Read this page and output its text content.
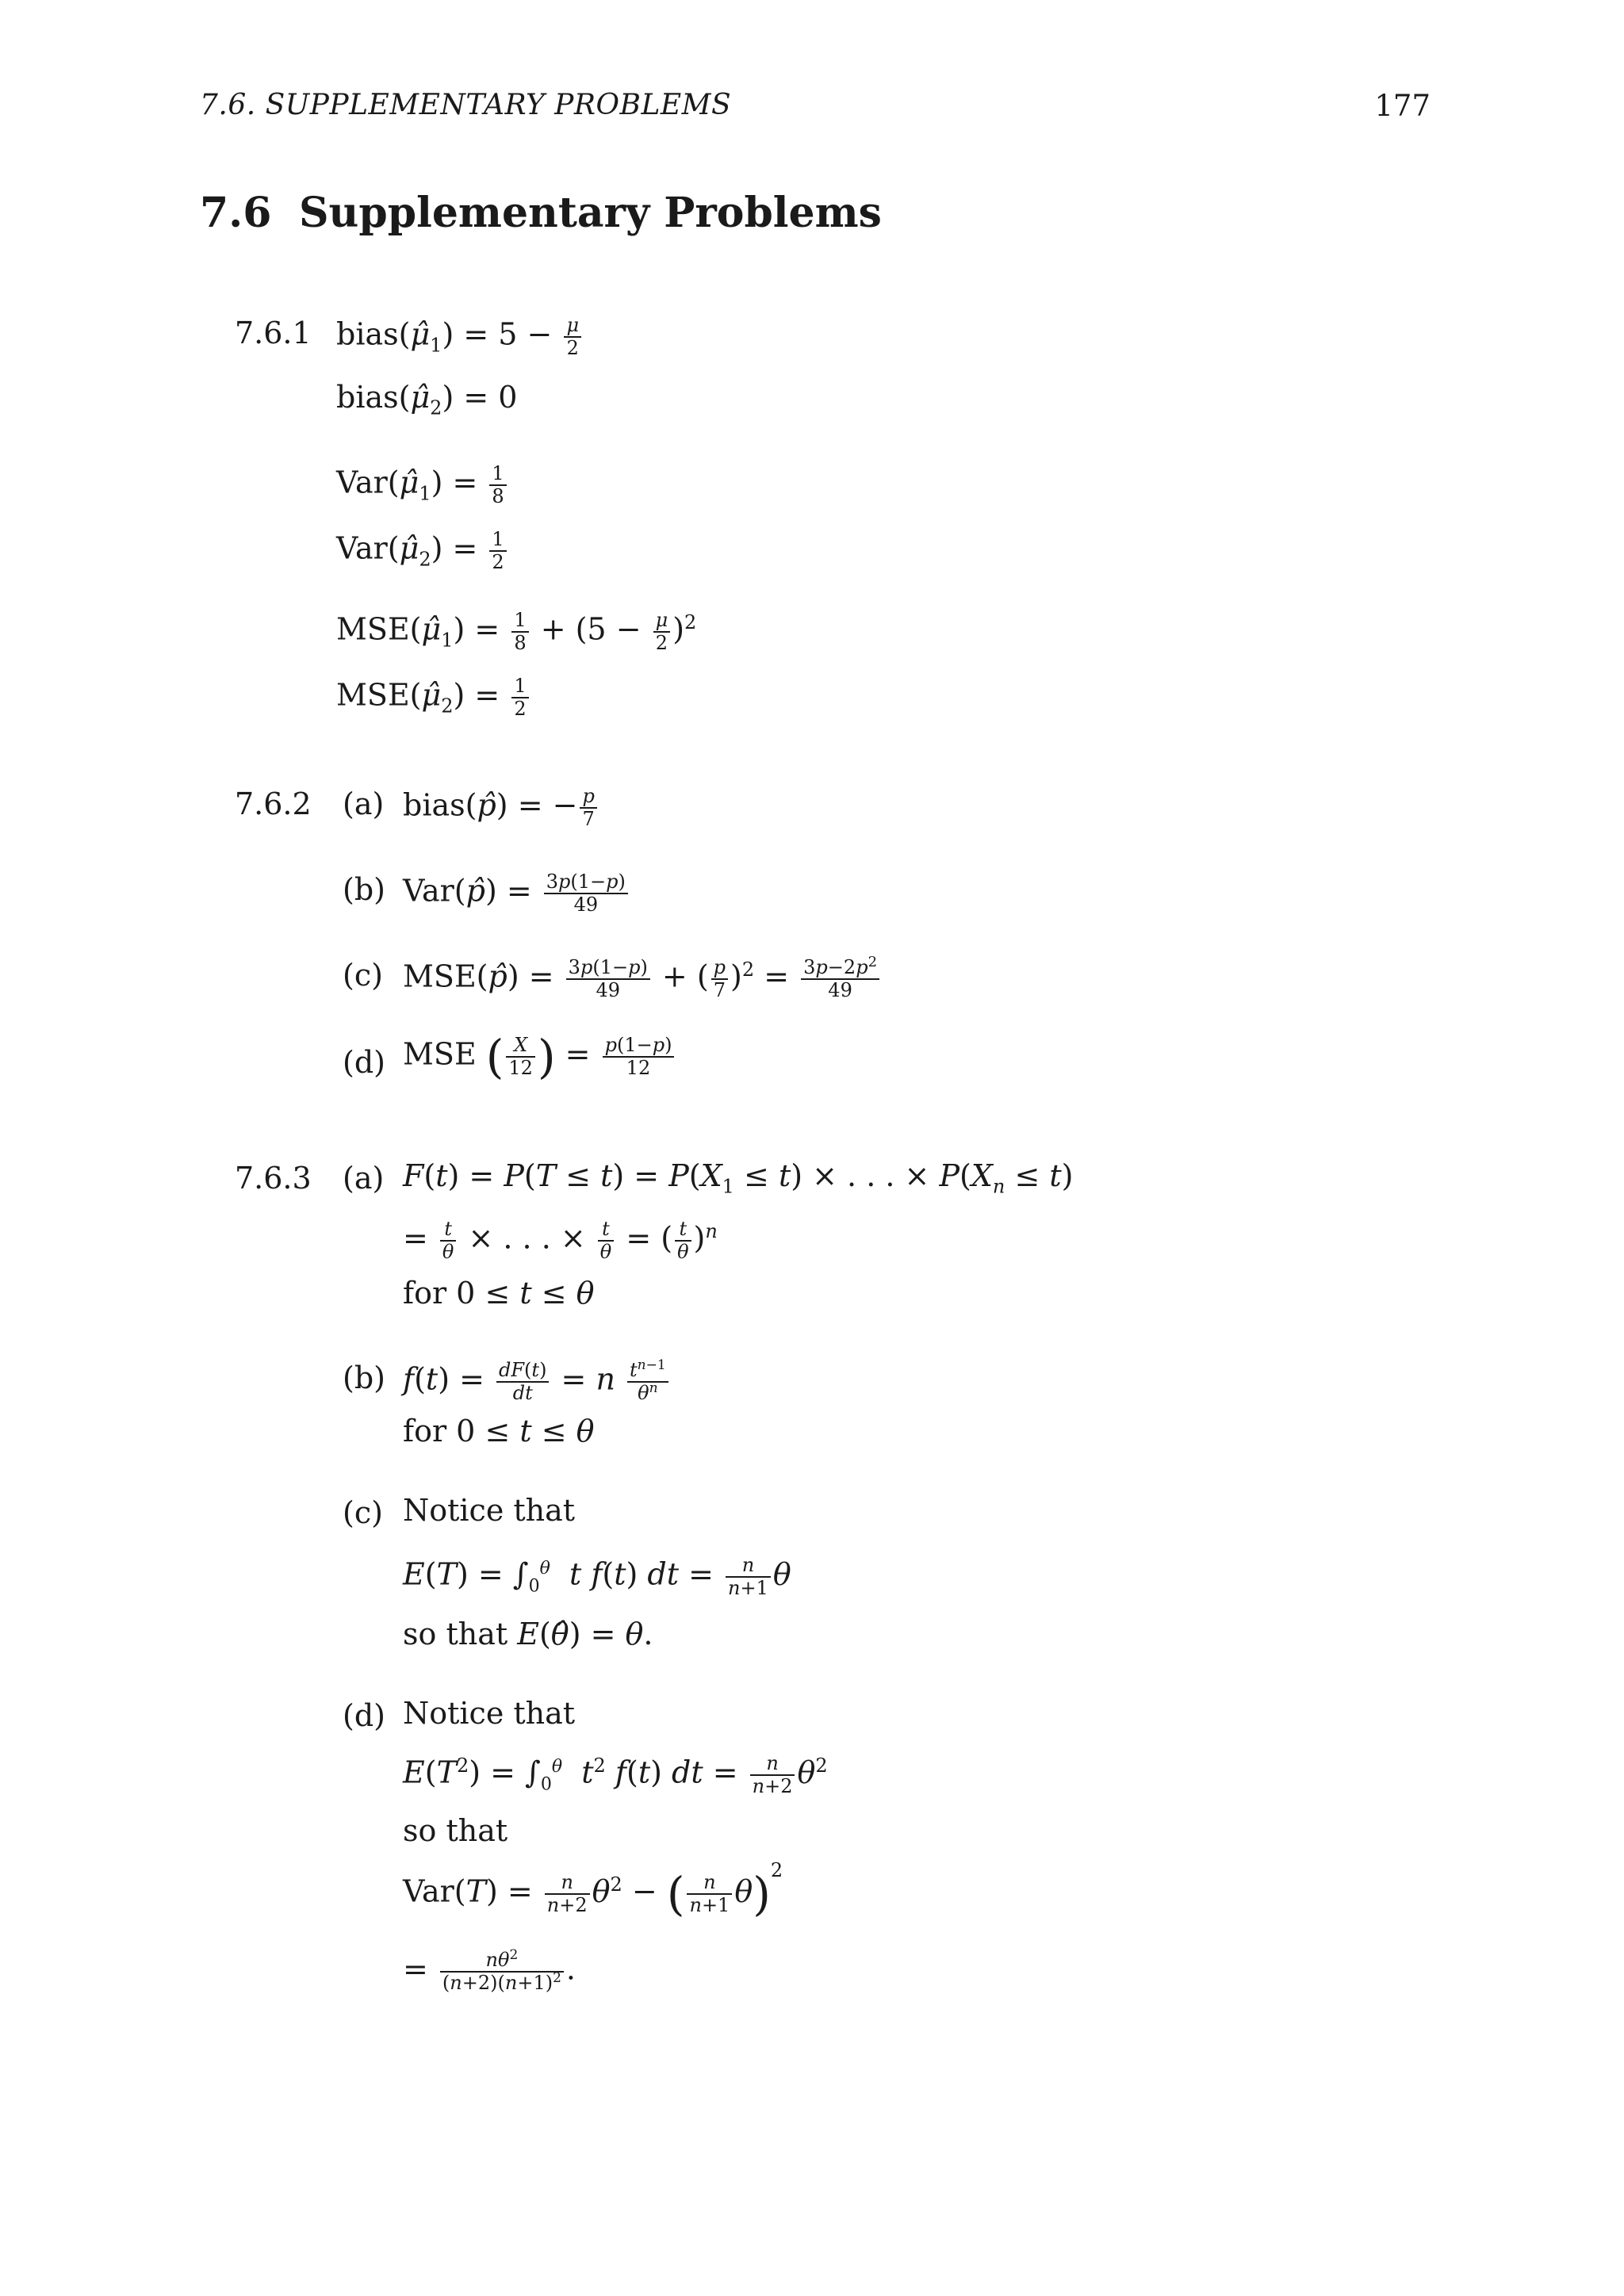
7.6. SUPPLEMENTARY PROBLEMS	177
7.6 Supplementary Problems
7.6.1 $bias(\mû_1) = 5 - \frac{\mu}{2}$
$bias(\mû_2) = 0$
$Var(\mû_1) = \frac{1}{8}$
$Var(\mû_2) = \frac{1}{2}$
$MSE(\mû_1) = \frac{1}{8} + (5 - \frac{\mu}{2} )^2$
$MSE(\mû_2) = \frac{1}{2}$
7.6.2 (a) bias(p̂) = − $\frac{p}{7}$
(b) Var(p̂) = $\frac{3p(1-p)}{49}$
(c) MSE(p̂) = $\frac{3p(1-p)}{49}$ + ( $\frac{p}{7} )^2 = \frac{3p-2p^2}{49}$
(d) MSE ( $\frac{X}{12}$ ) = $\frac{p(1-p)}{12}$
7.6.3 (a) $F(t) = P(T \le t) = P(X_1 \le t)$ × . . . × $P(X_n \le t)$
= $\frac{t}{\theta}$ × . . . × $\frac{t}{\theta}$ = ( $\frac{t}{\theta} )^n$
for 0 ≤ t ≤ θ
(b) $f(t) = \frac{dF(t)}{dt} = n \frac{t^{n-1}}{\theta^n}$
for 0 ≤ t ≤ θ
(c) Notice that
$E(T) = \int_0^\theta$ t f(t) dt = $\frac{n}{n+1}$ θ
so that E(θ̂) = θ.
(d) Notice that
$E(T^2) = \int_0^\theta$ $t^2$ f(t) dt = $\frac{n}{n+2} \theta^2$
so that
$Var(T) = \frac{n}{n+2} \theta^2$ − ( $\frac{n}{n+1} \theta)^2$
= $\frac{n\theta^2}{(n+2)(n+1)^2}$ .
